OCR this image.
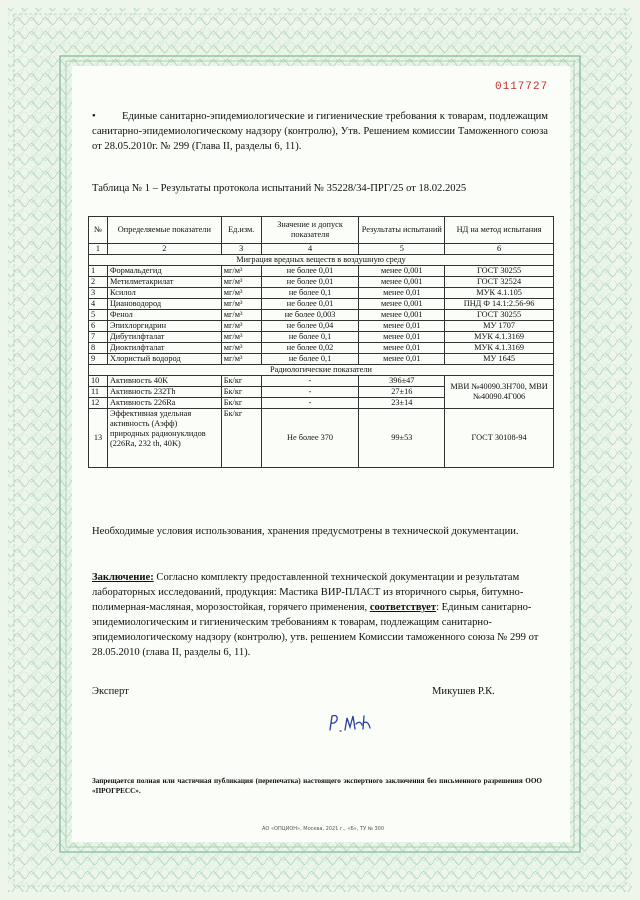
0117727
• Единые санитарно-эпидемиологические и гигиенические требования к товарам, подлежащим санитарно-эпидемиологическому надзору (контролю), Утв. Решением комиссии Таможенного союза от 28.05.2010г. № 299 (Глава II, разделы 6, 11).
Таблица № 1 – Результаты протокола испытаний № 35228/34-ПРГ/25 от 18.02.2025
№	Определяемые показатели	Ед.изм.	Значение и допуск показателя	Результаты испытаний	НД на метод испытания
1	2	3	4	5	6
Миграция вредных веществ в воздушную среду					
1	Формальдегид	мг/м³	не более 0,01	менее 0,001	ГОСТ 30255
2	Метилметакрилат	мг/м³	не более 0,01	менее 0,001	ГОСТ 32524
3	Ксилол	мг/м³	не более 0,1	менее 0,01	МУК 4.1.105
4	Циановодород	мг/м³	не более 0,01	менее 0,001	ПНД Ф 14.1:2.56-96
5	Фенол	мг/м³	не более 0,003	менее 0,001	ГОСТ 30255
6	Эпихлоргидрин	мг/м³	не более 0,04	менее 0,01	МУ 1707
7	Дибутилфталат	мг/м³	не более 0,1	менее 0,01	МУК 4.1.3169
8	Диоктилфталат	мг/м³	не более 0,02	менее 0,01	МУК 4.1.3169
9	Хлористый водород	мг/м³	не более 0,1	менее 0,01	МУ 1645
Радиологические показатели					
10	Активность 40K	Бк/кг	-	396±47	МВИ №40090.3Н700, МВИ №40090.4Г006
11	Активность 232Th	Бк/кг	-	27±16	
12	Активность 226Ra	Бк/кг	-	23±14	
13	Эффективная удельная активность (Аэфф) природных радионуклидов (226Ra, 232 th, 40K)	Бк/кг	Не более 370	99±53	ГОСТ 30108-94
Необходимые условия использования, хранения предусмотрены в технической документации.
Заключение: Согласно комплекту предоставленной технической документации и результатам лабораторных исследований, продукция: Мастика ВИР-ПЛАСТ из вторичного сырья, битумно-полимерная-масляная, морозостойкая, горячего применения, соответствует: Единым санитарно-эпидемиологическим и гигиеническим требованиям к товарам, подлежащим санитарно-эпидемиологическому надзору (контролю), утв. решением Комиссии таможенного союза № 299 от 28.05.2010 (глава II, разделы 6, 11).
Эксперт	Микушев Р.К.
Запрещается полная или частичная публикация (перепечатка) настоящего экспертного заключения без письменного разрешения ООО «ПРОГРЕСС».
АО «ОПЦИОН», Москва, 2021 г., «Б», ТУ № 300
